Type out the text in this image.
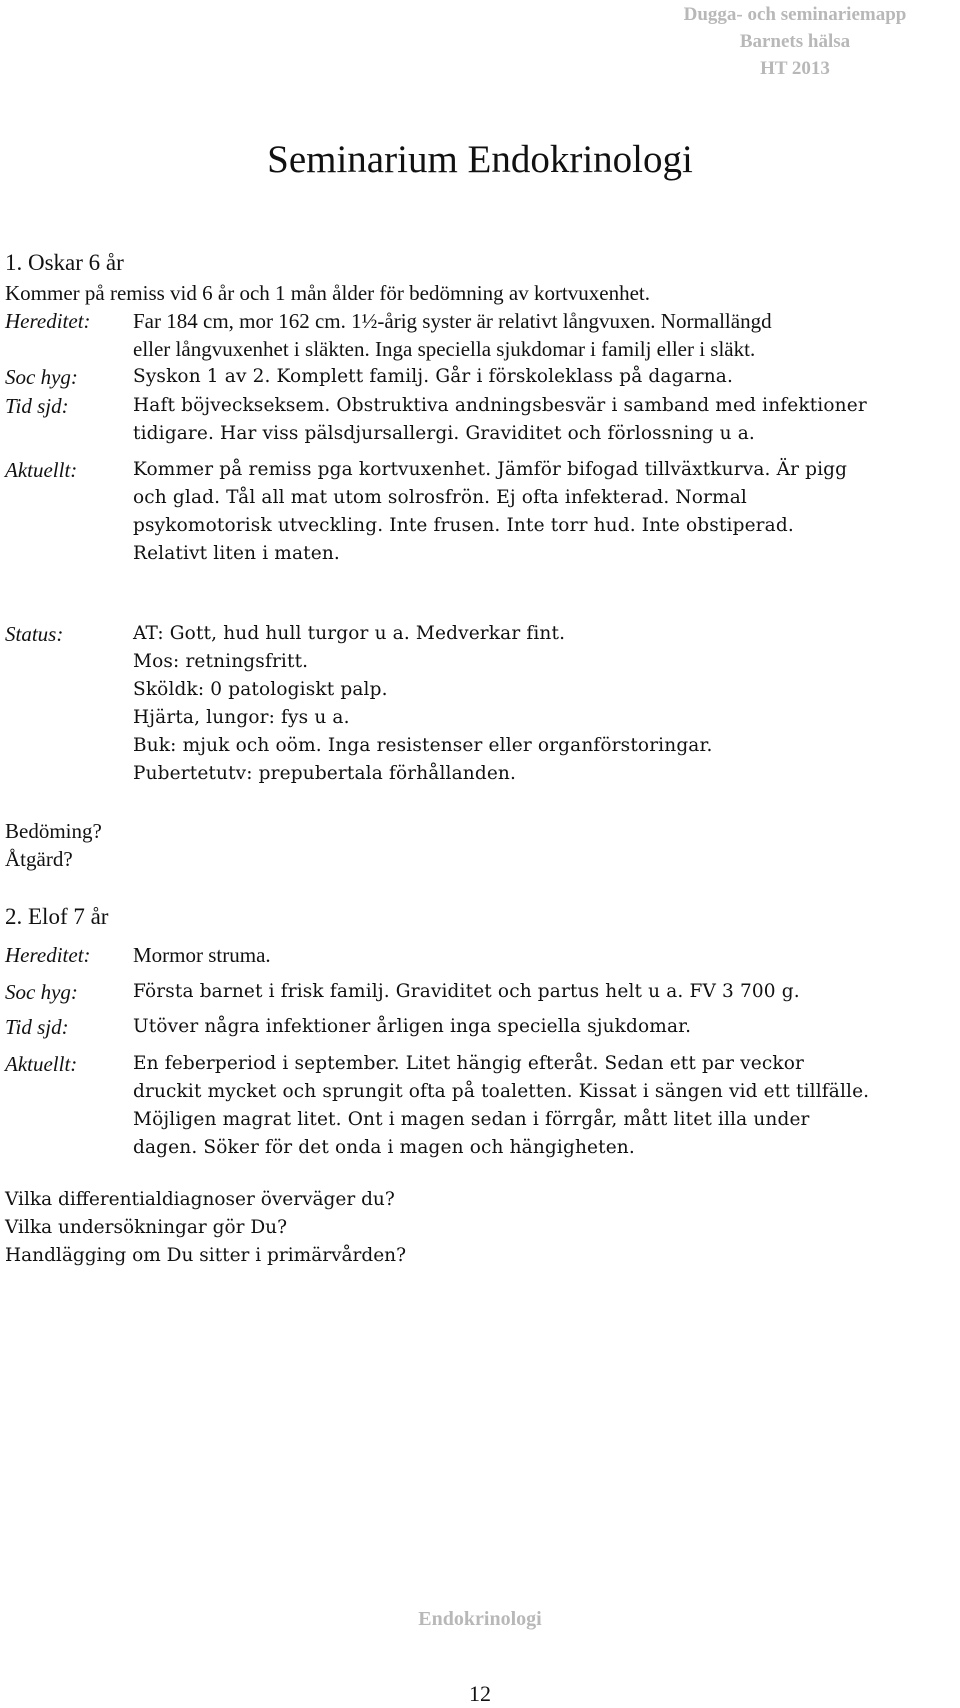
Dugga- och seminariemapp
Barnets hälsa
HT 2013
Seminarium Endokrinologi
1. Oskar 6 år
Kommer på remiss vid 6 år och 1 mån ålder för bedömning av kortvuxenhet.
Hereditet:	Far 184 cm, mor 162 cm. 1½-årig syster är relativt långvuxen. Normallängd
eller långvuxenhet i släkten. Inga speciella sjukdomar i familj eller i släkt.
Soc hyg:	Syskon 1 av 2. Komplett familj. Går i förskoleklass på dagarna.
Tid sjd:	Haft böjveckseksem. Obstruktiva andningsbesvär i samband med infektioner
tidigare. Har viss pälsdjursallergi. Graviditet och förlossning u a.
Aktuellt:	Kommer på remiss pga kortvuxenhet. Jämför bifogad tillväxtkurva. Är pigg
och glad. Tål all mat utom solrosfrön. Ej ofta infekterad. Normal
psykomotorisk utveckling. Inte frusen. Inte torr hud. Inte obstiperad.
Relativt liten i maten.
Status:	AT: Gott, hud hull turgor u a. Medverkar fint.
Mos: retningsfritt.
Sköldk: 0 patologiskt palp.
Hjärta, lungor: fys u a.
Buk: mjuk och oöm. Inga resistenser eller organförstoringar.
Pubertetutv: prepubertala förhållanden.
Bedöming?
Åtgärd?
2. Elof 7 år
Hereditet:	Mormor struma.
Soc hyg:	Första barnet i frisk familj. Graviditet och partus helt u a. FV 3 700 g.
Tid sjd:	Utöver några infektioner årligen inga speciella sjukdomar.
Aktuellt:	En feberperiod i september. Litet hängig efteråt. Sedan ett par veckor
druckit mycket och sprungit ofta på toaletten. Kissat i sängen vid ett tillfälle.
Möjligen magrat litet. Ont i magen sedan i förrgår, mått litet illa under
dagen. Söker för det onda i magen och hängigheten.
Vilka differentialdiagnoser överväger du?
Vilka undersökningar gör Du?
Handlägging om Du sitter i primärvården?
Endokrinologi
12
